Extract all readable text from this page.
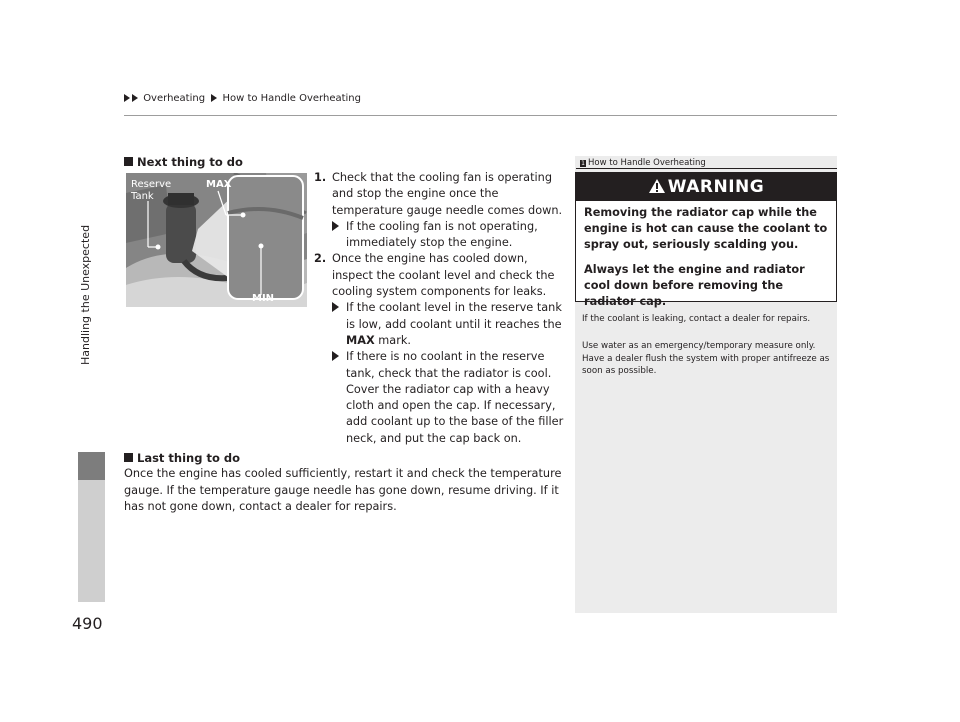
Overheating How to Handle Overheating
Handling the Unexpected
490
Next thing to do
Reserve
Tank
MAX
MIN
1. Check that the cooling fan is operating and stop the engine once the temperature gauge needle comes down.
If the cooling fan is not operating, immediately stop the engine.
2. Once the engine has cooled down, inspect the coolant level and check the cooling system components for leaks.
If the coolant level in the reserve tank is low, add coolant until it reaches the MAX mark.
If there is no coolant in the reserve tank, check that the radiator is cool. Cover the radiator cap with a heavy cloth and open the cap. If necessary, add coolant up to the base of the filler neck, and put the cap back on.
Last thing to do
Once the engine has cooled sufficiently, restart it and check the temperature gauge. If the temperature gauge needle has gone down, resume driving. If it has not gone down, contact a dealer for repairs.
1 How to Handle Overheating
WARNING

Removing the radiator cap while the engine is hot can cause the coolant to spray out, seriously scalding you.

Always let the engine and radiator cool down before removing the radiator cap.

If the coolant is leaking, contact a dealer for repairs.
Use water as an emergency/temporary measure only. Have a dealer flush the system with proper antifreeze as soon as possible.
